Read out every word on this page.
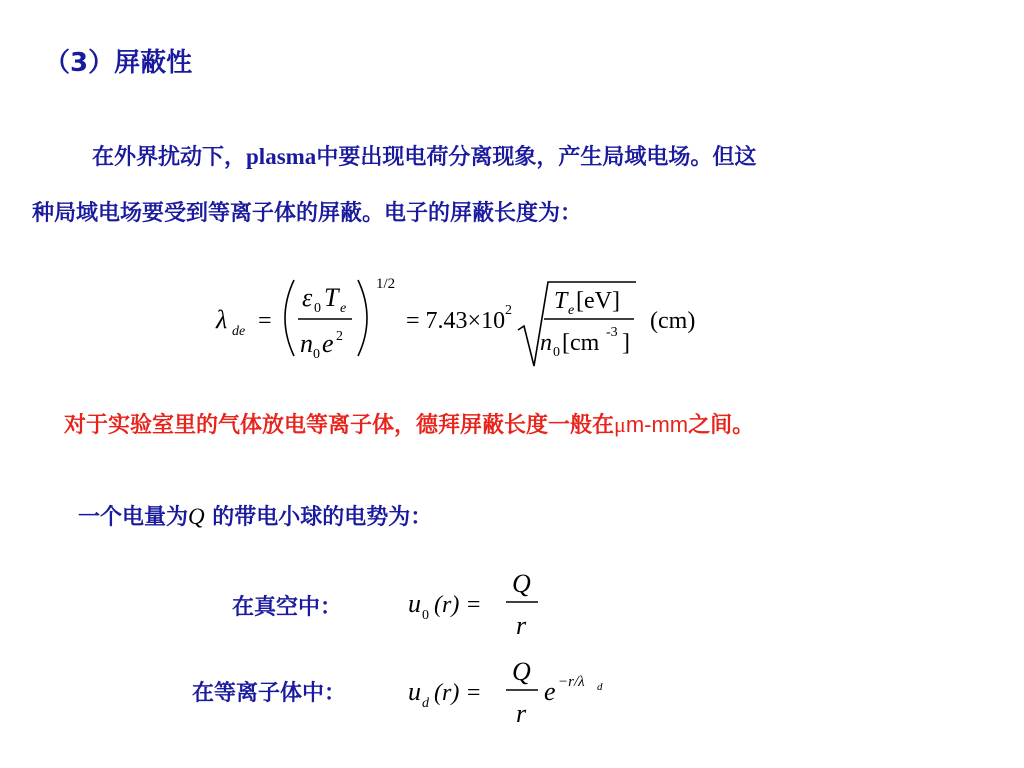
（3）屏蔽性
在外界扰动下，plasma中要出现电荷分离现象，产生局域电场。但这
种局域电场要受到等离子体的屏蔽。电子的屏蔽长度为：
λ de =
ε 0 T e
n 0 e 2
1/2
= 7.43×10 2 T e [eV]
n 0 [cm -3 ]
(cm)
对于实验室里的气体放电等离子体，德拜屏蔽长度一般在μm-mm之间。
一个电量为Q 的带电小球的电势为：
在真空中：	u 0 (r) =
Q
r
在等离子体中： u d (r) =
Q
r
e −r/λ d
